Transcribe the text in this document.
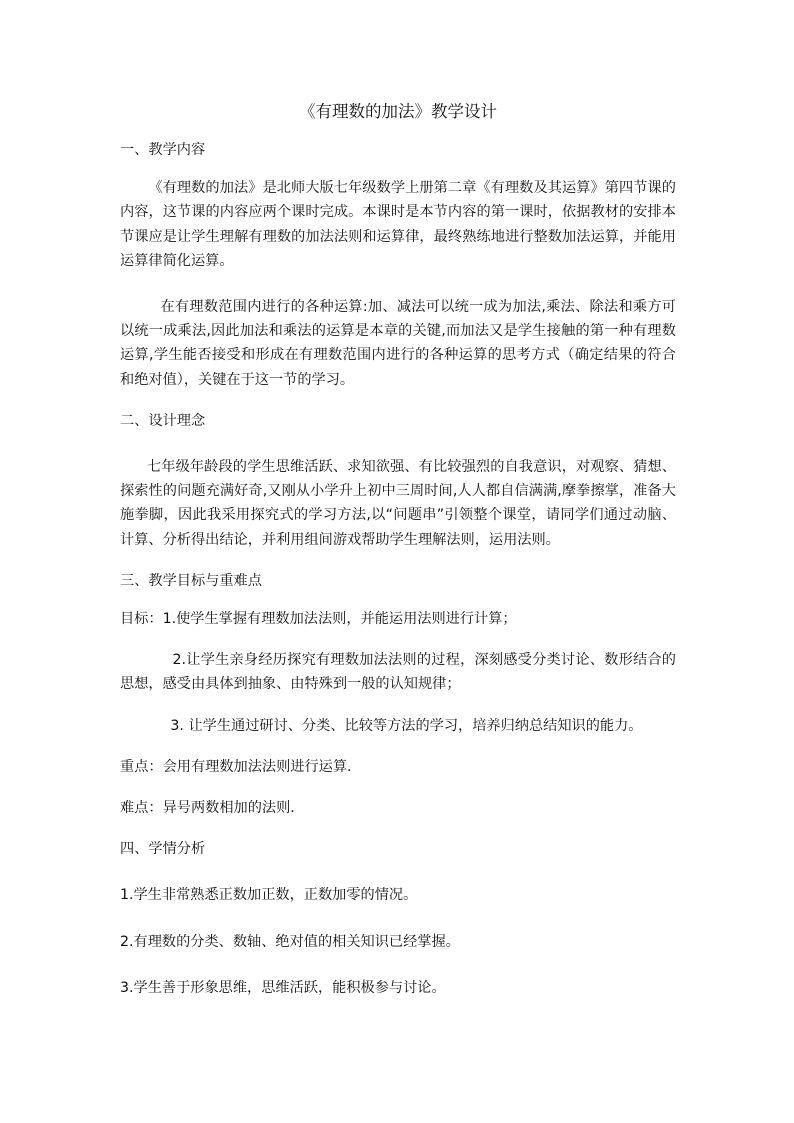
《有理数的加法》教学设计
一、教学内容

《有理数的加法》是北师大版七年级数学上册第二章《有理数及其运算》第四节课的内容，这节课的内容应两个课时完成。本课时是本节内容的第一课时，依据教材的安排本节课应是让学生理解有理数的加法法则和运算律，最终熟练地进行整数加法运算，并能用运算律简化运算。

在有理数范围内进行的各种运算:加、减法可以统一成为加法,乘法、除法和乘方可以统一成乘法,因此加法和乘法的运算是本章的关键,而加法又是学生接触的第一种有理数运算,学生能否接受和形成在有理数范围内进行的各种运算的思考方式（确定结果的符合和绝对值），关键在于这一节的学习。

二、设计理念

七年级年龄段的学生思维活跃、求知欲强、有比较强烈的自我意识，对观察、猜想、探索性的问题充满好奇,又刚从小学升上初中三周时间,人人都自信满满,摩拳擦掌，准备大施拳脚，因此我采用探究式的学习方法,以“问题串”引领整个课堂，请同学们通过动脑、计算、分析得出结论，并利用组间游戏帮助学生理解法则，运用法则。

三、教学目标与重难点

目标：1.使学生掌握有理数加法法则，并能运用法则进行计算；

2.让学生亲身经历探究有理数加法法则的过程，深刻感受分类讨论、数形结合的思想，感受由具体到抽象、由特殊到一般的认知规律；

3. 让学生通过研讨、分类、比较等方法的学习，培养归纳总结知识的能力。

重点：会用有理数加法法则进行运算.

难点：异号两数相加的法则.

四、学情分析

1.学生非常熟悉正数加正数，正数加零的情况。

2.有理数的分类、数轴、绝对值的相关知识已经掌握。

3.学生善于形象思维，思维活跃，能积极参与讨论。
